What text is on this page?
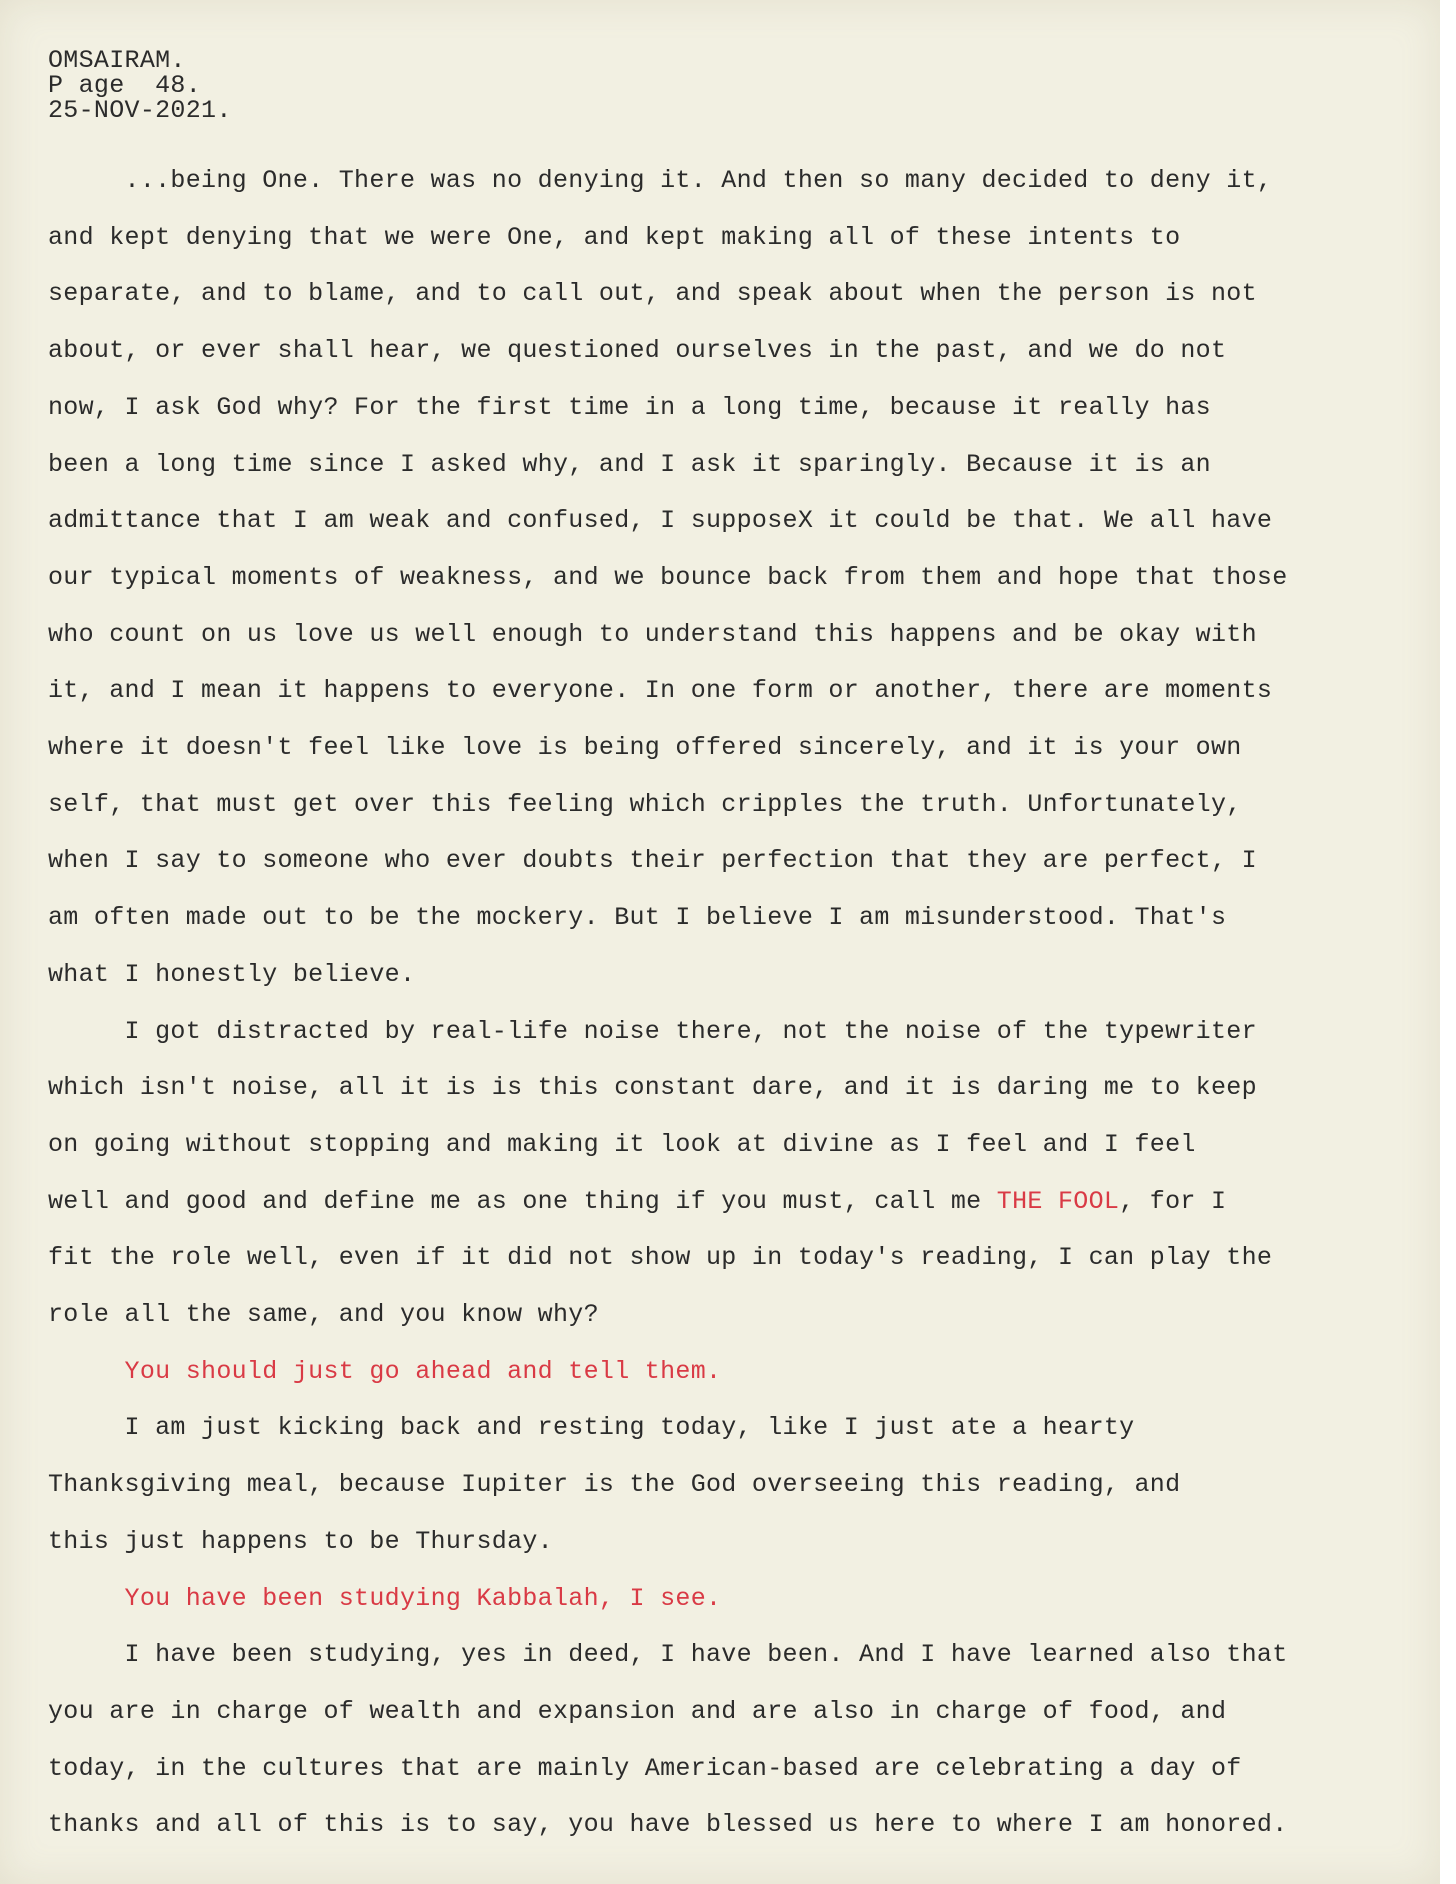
OMSAIRAM.
P age  48.
25-NOV-2021.
...being One. There was no denying it. And then so many decided to deny it,
and kept denying that we were One, and kept making all of these intents to
separate, and to blame, and to call out, and speak about when the person is not
about, or ever shall hear, we questioned ourselves in the past, and we do not
now, I ask God why? For the first time in a long time, because it really has
been a long time since I asked why, and I ask it sparingly. Because it is an
admittance that I am weak and confused, I supposeX it could be that. We all have
our typical moments of weakness, and we bounce back from them and hope that those
who count on us love us well enough to understand this happens and be okay with
it, and I mean it happens to everyone. In one form or another, there are moments
where it doesn't feel like love is being offered sincerely, and it is your own
self, that must get over this feeling which cripples the truth. Unfortunately,
when I say to someone who ever doubts their perfection that they are perfect, I
am often made out to be the mockery. But I believe I am misunderstood. That's
what I honestly believe.
I got distracted by real-life noise there, not the noise of the typewriter
which isn't noise, all it is is this constant dare, and it is daring me to keep
on going without stopping and making it look at divine as I feel and I feel
well and good and define me as one thing if you must, call me THE FOOL, for I
fit the role well, even if it did not show up in today's reading, I can play the
role all the same, and you know why?
You should just go ahead and tell them.
I am just kicking back and resting today, like I just ate a hearty
Thanksgiving meal, because Iupiter is the God overseeing this reading, and
this just happens to be Thursday.
You have been studying Kabbalah, I see.
I have been studying, yes in deed, I have been. And I have learned also that
you are in charge of wealth and expansion and are also in charge of food, and
today, in the cultures that are mainly American-based are celebrating a day of
thanks and all of this is to say, you have blessed us here to where I am honored.
